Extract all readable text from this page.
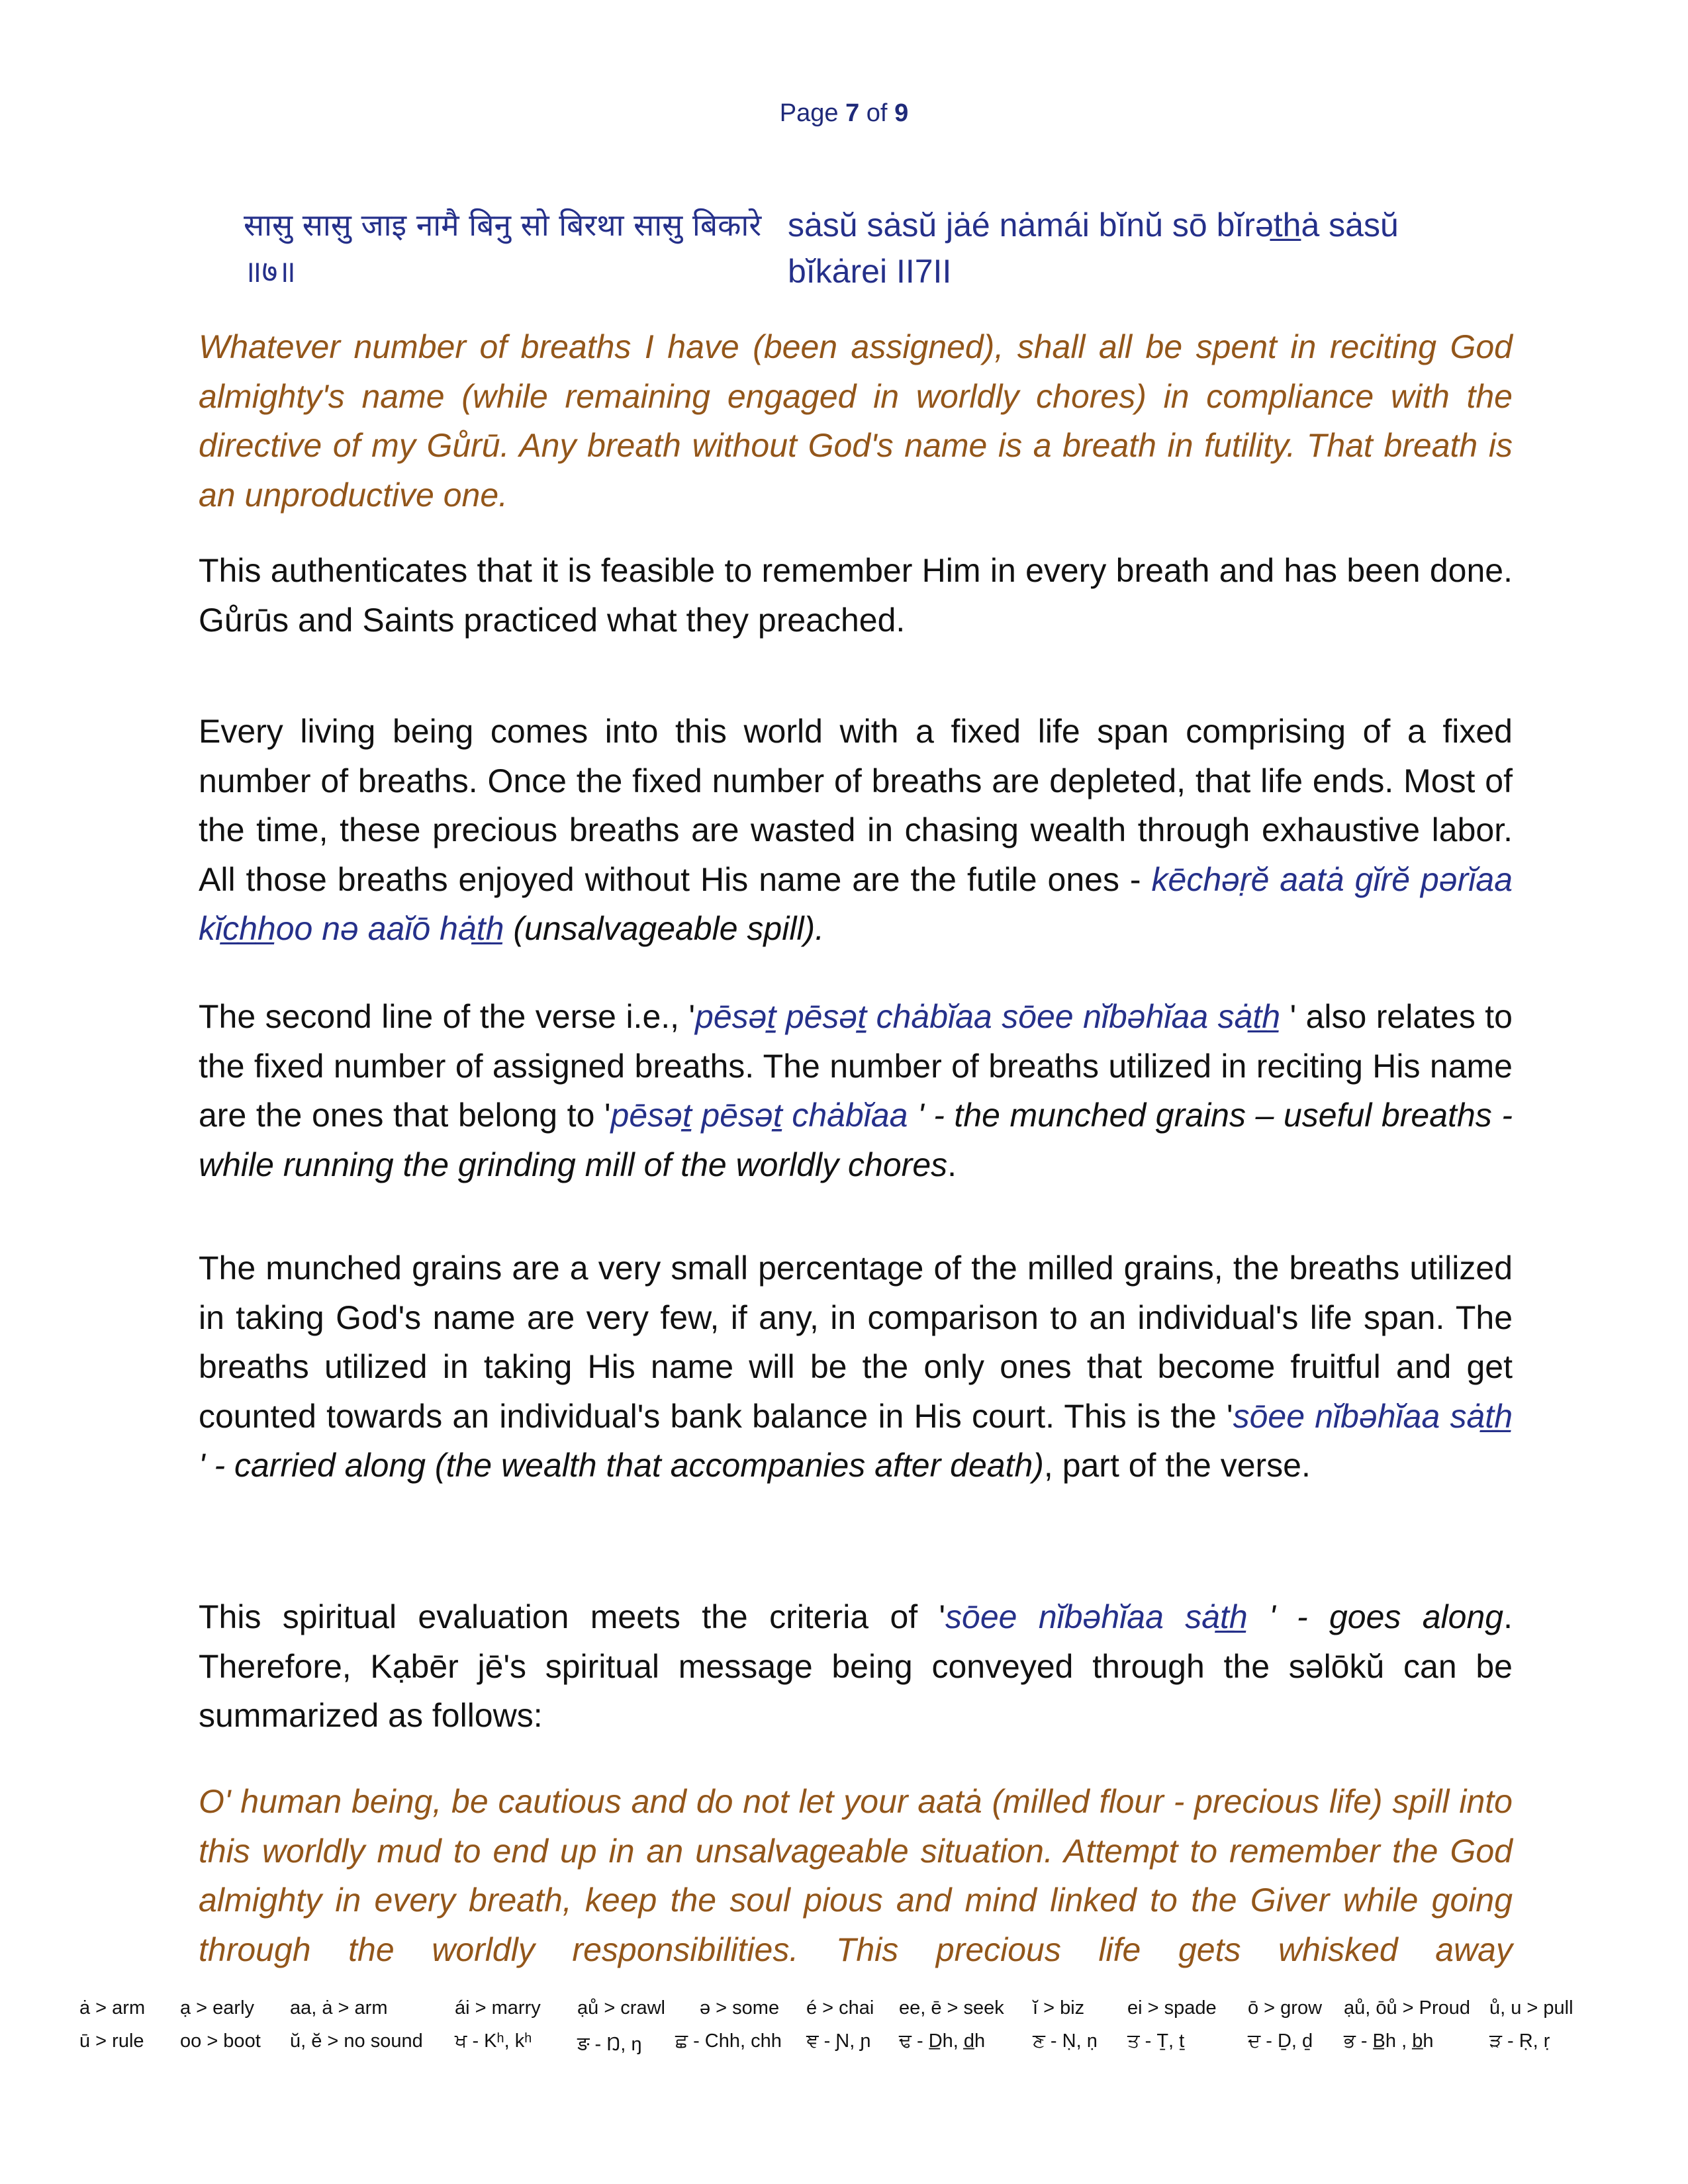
Page 7 of 9
सासु सासु जाइ नामै बिनु सो बिरथा सासु बिकारे ॥७॥
sȧsŭ sȧsŭ jȧé nȧmái bĭnŭ sō bĭrət̲h̲ȧ sȧsŭ
bĭkȧrei II7II

Whatever number of breaths I have (been assigned), shall all be spent in reciting God almighty's name (while remaining engaged in worldly chores) in compliance with the directive of my Gůrū. Any breath without God's name is a breath in futility. That breath is an unproductive one.

This authenticates that it is feasible to remember Him in every breath and has been done. Gůrūs and Saints practiced what they preached.

Every living being comes into this world with a fixed life span comprising of a fixed number of breaths. Once the fixed number of breaths are depleted, that life ends. Most of the time, these precious breaths are wasted in chasing wealth through exhaustive labor. All those breaths enjoyed without His name are the futile ones - kēchəṛĕ aatȧ gĭrĕ pərĭaa kĭc̲h̲h̲oo nə aaĭō hȧt̲h̲ (unsalvageable spill).

The second line of the verse i.e., 'pēsəṯ pēsəṯ chȧbĭaa sōee nĭbəhĭaa sȧt̲h̲ ' also relates to the fixed number of assigned breaths. The number of breaths utilized in reciting His name are the ones that belong to 'pēsəṯ pēsəṯ chȧbĭaa ' - the munched grains – useful breaths - while running the grinding mill of the worldly chores.

The munched grains are a very small percentage of the milled grains, the breaths utilized in taking God's name are very few, if any, in comparison to an individual's life span. The breaths utilized in taking His name will be the only ones that become fruitful and get counted towards an individual's bank balance in His court. This is the 'sōee nĭbəhĭaa sȧt̲h̲ ' - carried along (the wealth that accompanies after death), part of the verse.

This spiritual evaluation meets the criteria of 'sōee nĭbəhĭaa sȧt̲h̲ ' - goes along. Therefore, Kạbēr jē's spiritual message being conveyed through the səlōkŭ can be summarized as follows:

O' human being, be cautious and do not let your aatȧ (milled flour - precious life) spill into this worldly mud to end up in an unsalvageable situation. Attempt to remember the God almighty in every breath, keep the soul pious and mind linked to the Giver while going through the worldly responsibilities. This precious life gets whisked away

ȧ > arm ạ > early aa, ȧ > arm	ái > marry ạů > crawl ə > some é > chai ee, ē > seek ĭ > biz ei > spade ō > grow ạů, ōů > Proud ů, u > pull
ū > rule oo > boot ŭ, ĕ > no sound ਖ - Kʰ, kʰ ङ - Ŋ, ŋ ਛ - Chh, chh ਞ - Ɲ, ɲ ਢ - D̲h, d̲h ਣ - Ṇ, ṇ ਤ - Ṯ, ṯ	ਦ - Ḏ, ḏ ਭ - B̲h , b̲h	ੜ - Ṛ, ṛ
